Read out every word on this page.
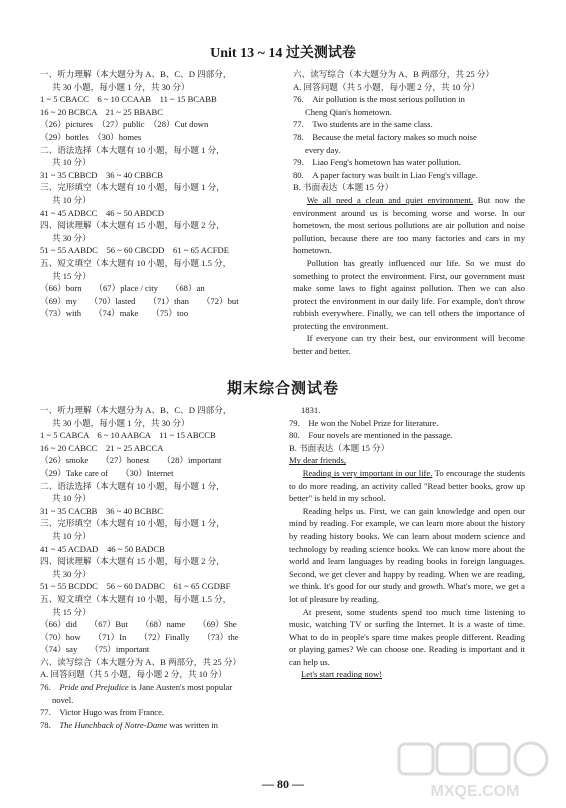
Unit 13 ~ 14 过关测试卷
一、听力理解（本大题分为 A、B、C、D 四部分，
共 30 小题，每小题 1 分，共 30 分）
1 ~ 5 CBACC　6 ~ 10 CCAAB　11 ~ 15 BCABB
16 ~ 20 BCBCA　21 ~ 25 BBABC
（26）pictures　（27）public　（28）Cut down
（29）bottles　（30）homes
二、语法选择（本大题有 10 小题，每小题 1 分，
共 10 分）
31 ~ 35 CBBCD　36 ~ 40 CBBCB
三、完形填空（本大题有 10 小题，每小题 1 分，
共 10 分）
41 ~ 45 ADBCC　46 ~ 50 ABDCD
四、阅读理解（本大题有 15 小题，每小题 2 分，
共 30 分）
51 ~ 55 AABDC　56 ~ 60 CBCDD　61 ~ 65 ACFDE
五、短文填空（本大题有 10 小题，每小题 1.5 分，
共 15 分）
（66）born　　（67）place / city　　（68）an
（69）my　　（70）lasted　　（71）than　　（72）but
（73）with　　（74）make　　（75）too
六、读写综合（本大题分为 A、B 两部分，共 25 分）
A. 回答问题（共 5 小题，每小题 2 分，共 10 分）
76.　Air pollution is the most serious pollution in
Cheng Qian's hometown.
77.　Two students are in the same class.
78.　Because the metal factory makes so much noise
every day.
79.　Liao Feng's hometown has water pollution.
80.　A paper factory was built in Liao Feng's village.
B. 书面表达（本题 15 分）
We all need a clean and quiet environment. But now the environment around us is becoming worse and worse. In our hometown, the most serious pollutions are air pollution and noise pollution, because there are too many factories and cars in my hometown.
Pollution has greatly influenced our life. So we must do something to protect the environment. First, our government must make some laws to fight against pollution. Then we can also protect the environment in our daily life. For example, don't throw rubbish everywhere. Finally, we can tell others the importance of protecting the environment.
If everyone can try their best, our environment will become better and better.
期末综合测试卷
一、听力理解（本大题分为 A、B、C、D 四部分，
共 30 小题，每小题 1 分，共 30 分）
1 ~ 5 CABCA　6 ~ 10 AABCA　11 ~ 15 ABCCB
16 ~ 20 CABCC　21 ~ 25 ABCCA
（26）smoke　　（27）honest　　（28）important
（29）Take care of　　（30）Internet
二、语法选择（本大题有 10 小题，每小题 1 分，
共 10 分）
31 ~ 35 CACBB　36 ~ 40 BCBBC
三、完形填空（本大题有 10 小题，每小题 1 分，
共 10 分）
41 ~ 45 ACDAD　46 ~ 50 BADCB
四、阅读理解（本大题有 15 小题，每小题 2 分，
共 30 分）
51 ~ 55 BCDDC　56 ~ 60 DADBC　61 ~ 65 CGDBF
五、短文填空（本大题有 10 小题，每小题 1.5 分，
共 15 分）
（66）did　　（67）But　　（68）name　　（69）She
（70）how　　（71）In　　（72）Finally　　（73）the
（74）say　　（75）important
六、读写综合（本大题分为 A、B 两部分，共 25 分）
A. 回答问题（共 5 小题，每小题 2 分，共 10 分）
76.　Pride and Prejudice is Jane Austen's most popular
novel.
77.　Victor Hugo was from France.
78.　The Hunchback of Notre-Dame was written in
1831.
79.　He won the Nobel Prize for literature.
80.　Four novels are mentioned in the passage.
B. 书面表达（本题 15 分）
My dear friends,
Reading is very important in our life. To encourage the students to do more reading, an activity called "Read better books, grow up better" is held in my school.
Reading helps us. First, we can gain knowledge and open our mind by reading. For example, we can learn more about the history by reading history books. We can learn about modern science and technology by reading science books. We can know more about the world and learn languages by reading books in foreign languages. Second, we get clever and happy by reading. When we are reading, we think. It's good for our study and growth. What's more, we get a lot of pleasure by reading.
At present, some students spend too much time listening to music, watching TV or surfing the Internet. It is a waste of time. What to do in people's spare time makes people different. Reading or playing games? We can choose one. Reading is important and it can help us.
Let's start reading now!
— 80 —	MXQE.COM
